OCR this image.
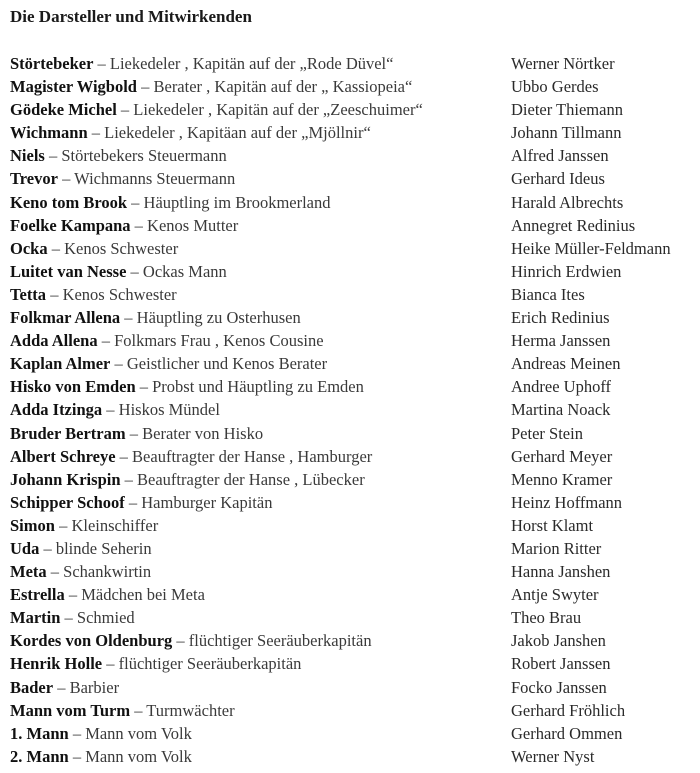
Die Darsteller und Mitwirkenden
Störtebeker – Liekedeler , Kapitän auf der „Rode Düvel“	Werner Nörtker
Magister Wigbold – Berater , Kapitän auf der „ Kassiopeia“	Ubbo Gerdes
Gödeke Michel – Liekedeler , Kapitän auf der „Zeeschuimer“	Dieter Thiemann
Wichmann – Liekedeler , Kapitäan auf der „Mjöllnir“	Johann Tillmann
Niels – Störtebekers Steuermann	Alfred Janssen
Trevor – Wichmanns Steuermann	Gerhard Ideus
Keno tom Brook – Häuptling im Brookmerland	Harald Albrechts
Foelke Kampana – Kenos Mutter	Annegret Redinius
Ocka – Kenos Schwester	Heike Müller-Feldmann
Luitet van Nesse – Ockas Mann	Hinrich Erdwien
Tetta – Kenos Schwester	Bianca Ites
Folkmar Allena – Häuptling zu Osterhusen	Erich Redinius
Adda Allena – Folkmars Frau , Kenos Cousine	Herma Janssen
Kaplan Almer – Geistlicher und Kenos Berater	Andreas Meinen
Hisko von Emden – Probst und Häuptling zu Emden	Andree Uphoff
Adda Itzinga – Hiskos Mündel	Martina Noack
Bruder Bertram – Berater von Hisko	Peter Stein
Albert Schreye – Beauftragter der Hanse , Hamburger	Gerhard Meyer
Johann Krispin – Beauftragter der Hanse , Lübecker	Menno Kramer
Schipper Schoof – Hamburger Kapitän	Heinz Hoffmann
Simon – Kleinschiffer	Horst Klamt
Uda – blinde Seherin	Marion Ritter
Meta – Schankwirtin	Hanna Janshen
Estrella – Mädchen bei Meta	Antje Swyter
Martin – Schmied	Theo Brau
Kordes von Oldenburg – flüchtiger Seeräuberkapitän	Jakob Janshen
Henrik Holle – flüchtiger Seeräuberkapitän	Robert Janssen
Bader – Barbier	Focko Janssen
Mann vom Turm – Turmwächter	Gerhard Fröhlich
1. Mann – Mann vom Volk	Gerhard Ommen
2. Mann – Mann vom Volk	Werner Nyst
